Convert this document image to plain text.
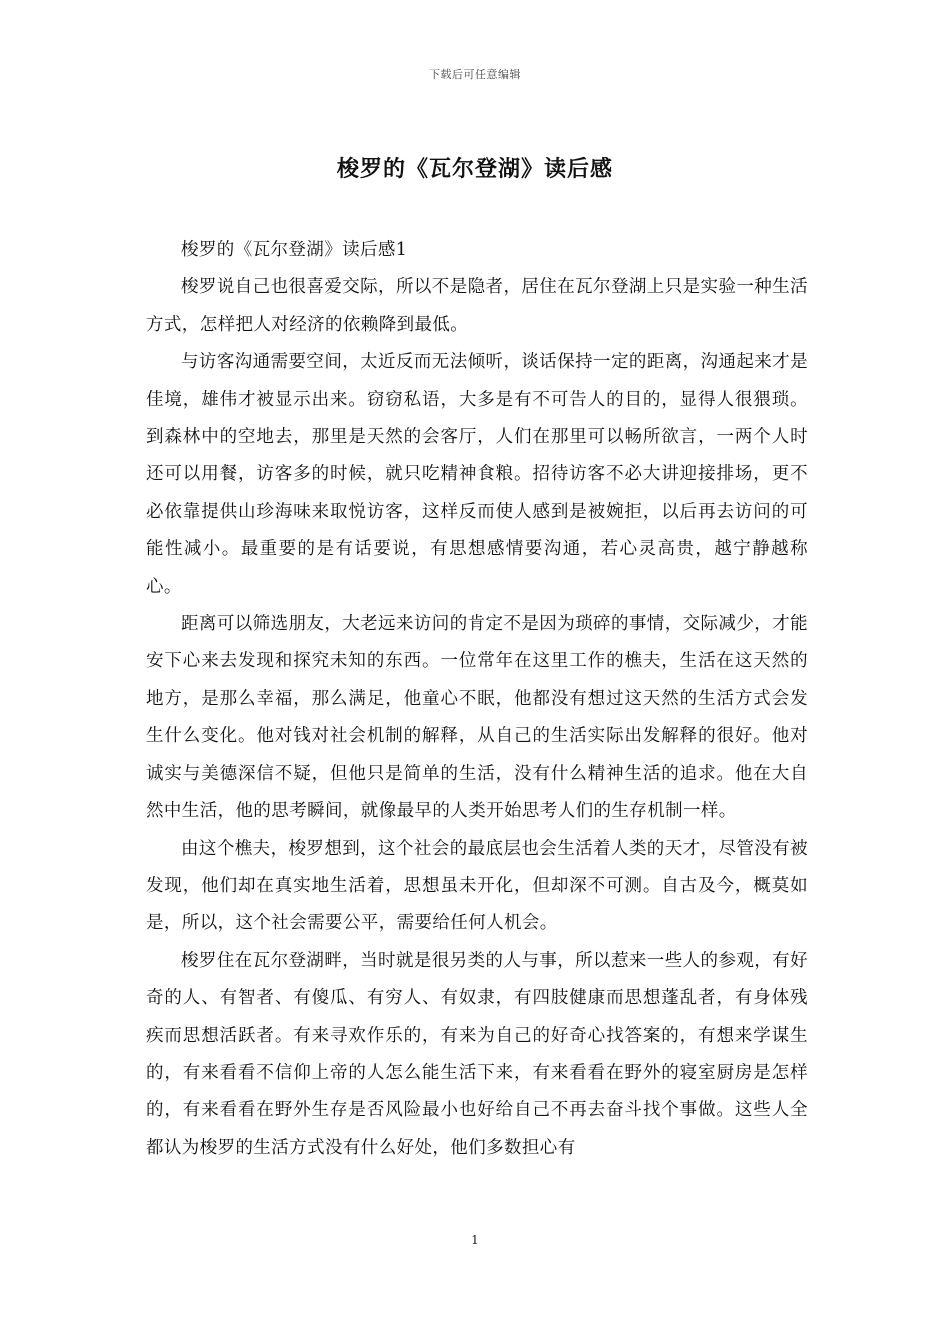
下载后可任意编辑
梭罗的《瓦尔登湖》读后感

梭罗的《瓦尔登湖》读后感1

梭罗说自己也很喜爱交际，所以不是隐者，居住在瓦尔登湖上只是实验一种生活方式，怎样把人对经济的依赖降到最低。

与访客沟通需要空间，太近反而无法倾听，谈话保持一定的距离，沟通起来才是佳境，雄伟才被显示出来。窃窃私语，大多是有不可告人的目的，显得人很猥琐。到森林中的空地去，那里是天然的会客厅，人们在那里可以畅所欲言，一两个人时还可以用餐，访客多的时候，就只吃精神食粮。招待访客不必大讲迎接排场，更不必依靠提供山珍海味来取悦访客，这样反而使人感到是被婉拒，以后再去访问的可能性减小。最重要的是有话要说，有思想感情要沟通，若心灵高贵，越宁静越称心。

距离可以筛选朋友，大老远来访问的肯定不是因为琐碎的事情，交际减少，才能安下心来去发现和探究未知的东西。一位常年在这里工作的樵夫，生活在这天然的地方，是那么幸福，那么满足，他童心不眠，他都没有想过这天然的生活方式会发生什么变化。他对钱对社会机制的解释，从自己的生活实际出发解释的很好。他对诚实与美德深信不疑，但他只是简单的生活，没有什么精神生活的追求。他在大自然中生活，他的思考瞬间，就像最早的人类开始思考人们的生存机制一样。

由这个樵夫，梭罗想到，这个社会的最底层也会生活着人类的天才，尽管没有被发现，他们却在真实地生活着，思想虽未开化，但却深不可测。自古及今，概莫如是，所以，这个社会需要公平，需要给任何人机会。

梭罗住在瓦尔登湖畔，当时就是很另类的人与事，所以惹来一些人的参观，有好奇的人、有智者、有傻瓜、有穷人、有奴隶，有四肢健康而思想蓬乱者，有身体残疾而思想活跃者。有来寻欢作乐的，有来为自己的好奇心找答案的，有想来学谋生的，有来看看不信仰上帝的人怎么能生活下来，有来看看在野外的寝室厨房是怎样的，有来看看在野外生存是否风险最小也好给自己不再去奋斗找个事做。这些人全都认为梭罗的生活方式没有什么好处，他们多数担心有

1
